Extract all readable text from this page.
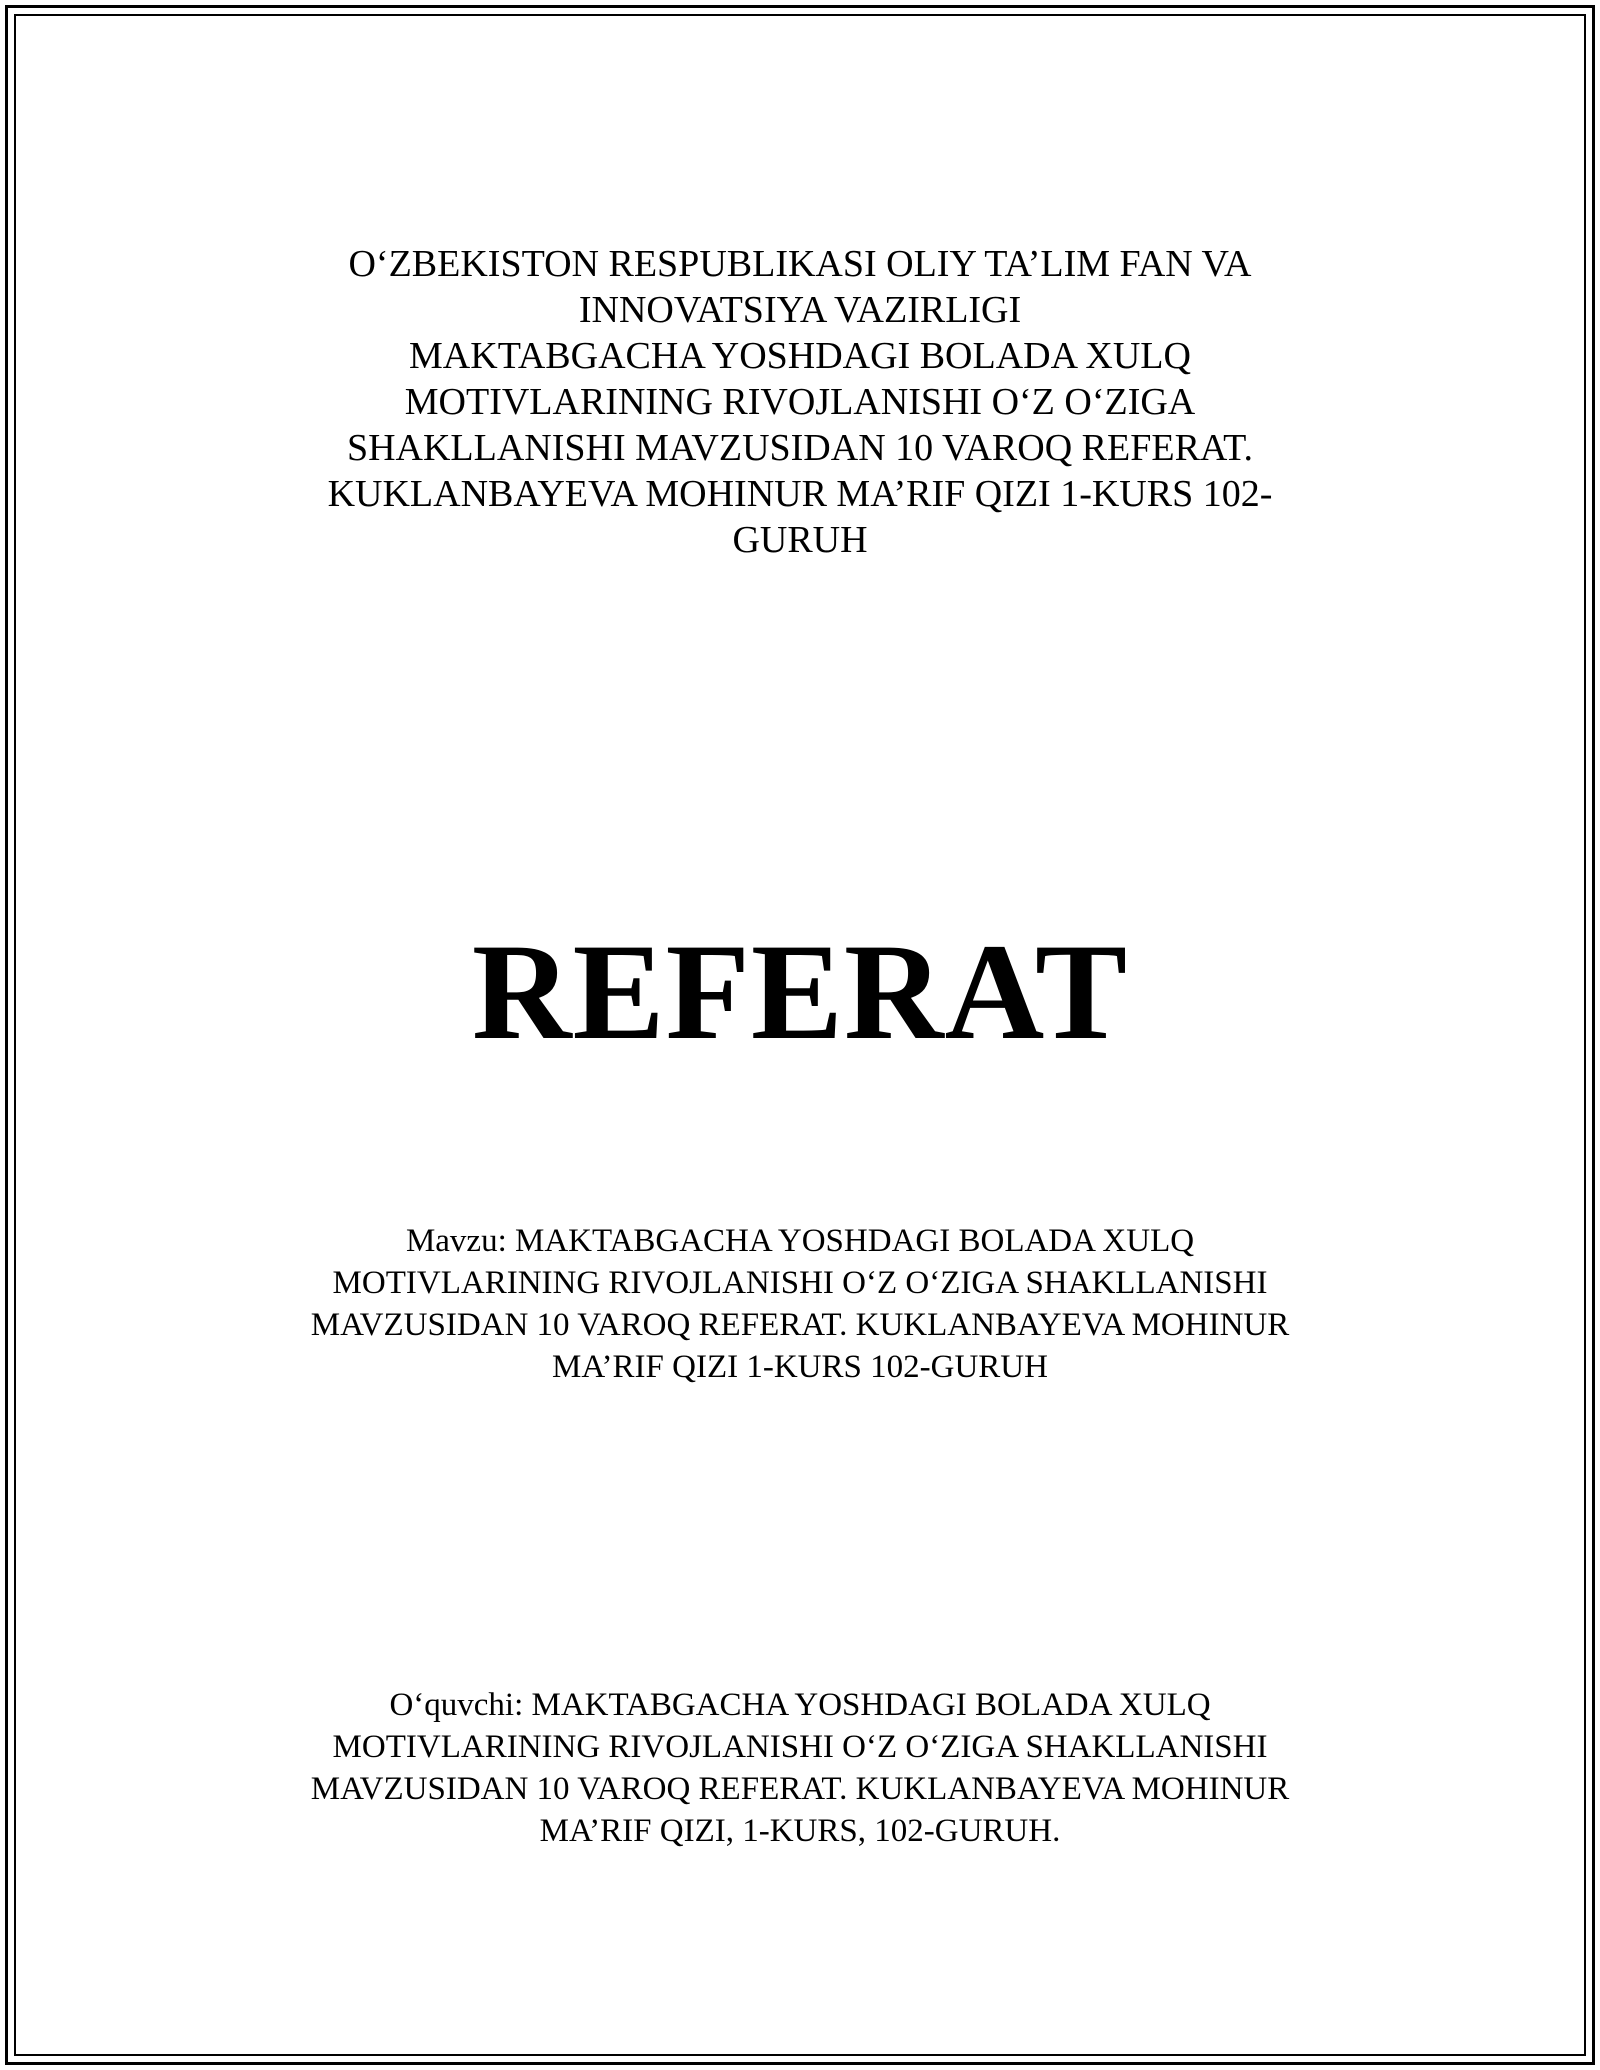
O‘ZBEKISTON RESPUBLIKASI OLIY TA’LIM FAN VA
INNOVATSIYA VAZIRLIGI
MAKTABGACHA YOSHDAGI BOLADA XULQ
MOTIVLARINING RIVOJLANISHI O‘Z O‘ZIGA
SHAKLLANISHI MAVZUSIDAN 10 VAROQ REFERAT.
KUKLANBAYEVA MOHINUR MA’RIF QIZI 1-KURS 102-
GURUH
REFERAT
Mavzu: MAKTABGACHA YOSHDAGI BOLADA XULQ
MOTIVLARINING RIVOJLANISHI O‘Z O‘ZIGA SHAKLLANISHI
MAVZUSIDAN 10 VAROQ REFERAT. KUKLANBAYEVA MOHINUR
MA’RIF QIZI 1-KURS 102-GURUH
O‘quvchi: MAKTABGACHA YOSHDAGI BOLADA XULQ
MOTIVLARINING RIVOJLANISHI O‘Z O‘ZIGA SHAKLLANISHI
MAVZUSIDAN 10 VAROQ REFERAT. KUKLANBAYEVA MOHINUR
MA’RIF QIZI, 1-KURS, 102-GURUH.
